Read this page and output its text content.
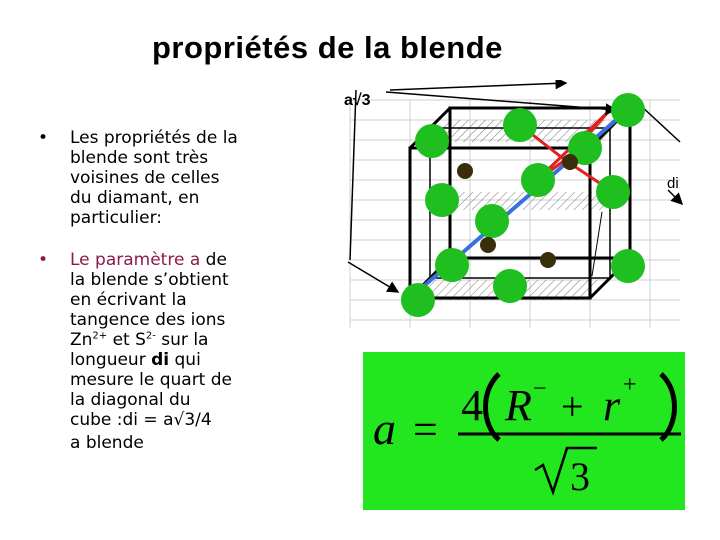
propriétés de la blende
• Les propriétés de la
blende sont très
voisines de celles
du diamant, en
particulier:
• Le paramètre a de
la blende s’obtient
en écrivant la
tangence des ions
$Zn^{2+}$ et $S^{2-}$ sur la
longueur di qui
mesure le quart de
la diagonal du
cube :di = a√3/4
a blende
a√3
di
a = 4 R − + r +
3
